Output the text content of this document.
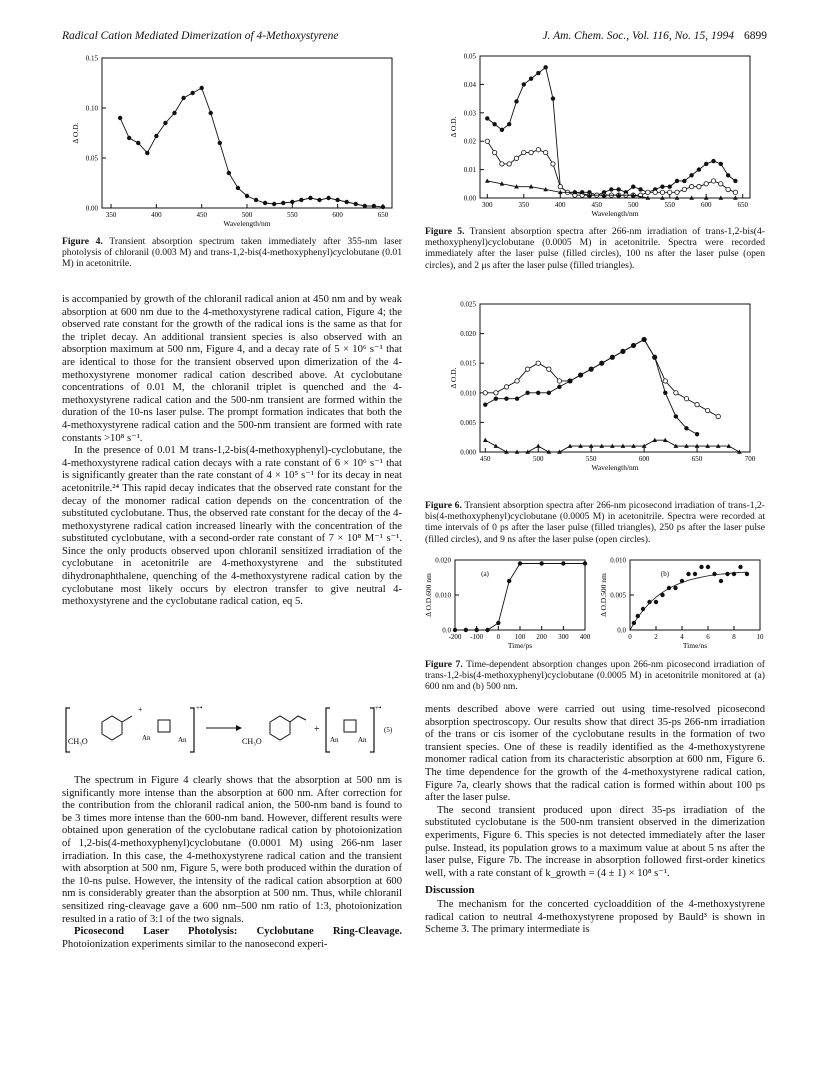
Radical Cation Mediated Dimerization of 4-Methoxystyrene	J. Am. Chem. Soc., Vol. 116, No. 15, 1994 6899
350	400	450	500	550	600	650
0.00
0.05
0.10
0.15
Wavelength/nm
Δ O.D.
Figure 4. Transient absorption spectrum taken immediately after 355-nm laser photolysis of chloranil (0.003 M) and trans-1,2-bis(4-methoxyphenyl)cyclobutane (0.01 M) in acetonitrile.

is accompanied by growth of the chloranil radical anion at 450 nm and by weak absorption at 600 nm due to the 4-methoxystyrene radical cation, Figure 4; the observed rate constant for the growth of the radical ions is the same as that for the triplet decay. An additional transient species is also observed with an absorption maximum at 500 nm, Figure 4, and a decay rate of 5 × 10⁶ s⁻¹ that are identical to those for the transient observed upon dimerization of the 4-methoxystyrene monomer radical cation described above. At cyclobutane concentrations of 0.01 M, the chloranil triplet is quenched and the 4-methoxystyrene radical cation and the 500-nm transient are formed within the duration of the 10-ns laser pulse. The prompt formation indicates that both the 4-methoxystyrene radical cation and the 500-nm transient are formed with rate constants >10⁸ s⁻¹.

In the presence of 0.01 M trans-1,2-bis(4-methoxyphenyl)-cyclobutane, the 4-methoxystyrene radical cation decays with a rate constant of 6 × 10⁶ s⁻¹ that is significantly greater than the rate constant of 4 × 10⁵ s⁻¹ for its decay in neat acetonitrile.²⁴ This rapid decay indicates that the observed rate constant for the decay of the monomer radical cation depends on the concentration of the substituted cyclobutane. Thus, the observed rate constant for the decay of the 4-methoxystyrene radical cation increased linearly with the concentration of the substituted cyclobutane, with a second-order rate constant of 7 × 10⁸ M⁻¹ s⁻¹. Since the only products observed upon chloranil sensitized irradiation of the cyclobutane in acetonitrile are 4-methoxystyrene and the substituted dihydronaphthalene, quenching of the 4-methoxystyrene radical cation by the cyclobutane most likely occurs by electron transfer to give neutral 4-methoxystyrene and the cyclobutane radical cation, eq 5.

CH₃O
+
An	An
+•
CH₃O
+
An	An
+•
(5)

The spectrum in Figure 4 clearly shows that the absorption at 500 nm is significantly more intense than the absorption at 600 nm. After correction for the contribution from the chloranil radical anion, the 500-nm band is found to be 3 times more intense than the 600-nm band. However, different results were obtained upon generation of the cyclobutane radical cation by photoionization of 1,2-bis(4-methoxyphenyl)cyclobutane (0.0001 M) using 266-nm laser irradiation. In this case, the 4-methoxystyrene radical cation and the transient with absorption at 500 nm, Figure 5, were both produced within the duration of the 10-ns pulse. However, the intensity of the radical cation absorption at 600 nm is considerably greater than the absorption at 500 nm. Thus, while chloranil sensitized ring-cleavage gave a 600 nm–500 nm ratio of 1:3, photoionization resulted in a ratio of 3:1 of the two signals.

Picosecond Laser Photolysis: Cyclobutane Ring-Cleavage. Photoionization experiments similar to the nanosecond experi-

300	350	400	450	500	550	600	650
0.00
0.01
0.02
0.03
0.04
0.05
Wavelength/nm
Δ O.D.
Figure 5. Transient absorption spectra after 266-nm irradiation of trans-1,2-bis(4-methoxyphenyl)cyclobutane (0.0005 M) in acetonitrile. Spectra were recorded immediately after the laser pulse (filled circles), 100 ns after the laser pulse (open circles), and 2 μs after the laser pulse (filled triangles).
450	500	550	600	650	700
0.000
0.005
0.010
0.015
0.020
0.025
Wavelength/nm
Δ O.D.
Figure 6. Transient absorption spectra after 266-nm picosecond irradiation of trans-1,2-bis(4-methoxyphenyl)cyclobutane (0.0005 M) in acetonitrile. Spectra were recorded at time intervals of 0 ps after the laser pulse (filled triangles), 250 ps after the laser pulse (filled circles), and 9 ns after the laser pulse (open circles).
-200 -100 0 100 200 300 400
0.0
0.010
0.020
Time/ps
Δ O.D.600 nm
0	2	4	6	8	10
0.0
0.005
0.010
Time/ns
Δ O.D.500 nm
(a)	(b)
Figure 7. Time-dependent absorption changes upon 266-nm picosecond irradiation of trans-1,2-bis(4-methoxyphenyl)cyclobutane (0.0005 M) in acetonitrile monitored at (a) 600 nm and (b) 500 nm.

ments described above were carried out using time-resolved picosecond absorption spectroscopy. Our results show that direct 35-ps 266-nm irradiation of the trans or cis isomer of the cyclobutane results in the formation of two transient species. One of these is readily identified as the 4-methoxystyrene monomer radical cation from its characteristic absorption at 600 nm, Figure 6. The time dependence for the growth of the 4-methoxystyrene radical cation, Figure 7a, clearly shows that the radical cation is formed within about 100 ps after the laser pulse.

The second transient produced upon direct 35-ps irradiation of the substituted cyclobutane is the 500-nm transient observed in the dimerization experiments, Figure 6. This species is not detected immediately after the laser pulse. Instead, its population grows to a maximum value at about 5 ns after the laser pulse, Figure 7b. The increase in absorption followed first-order kinetics well, with a rate constant of k_growth = (4 ± 1) × 10⁸ s⁻¹.

Discussion

The mechanism for the concerted cycloaddition of the 4-methoxystyrene radical cation to neutral 4-methoxystyrene proposed by Bauld³ is shown in Scheme 3. The primary intermediate is
